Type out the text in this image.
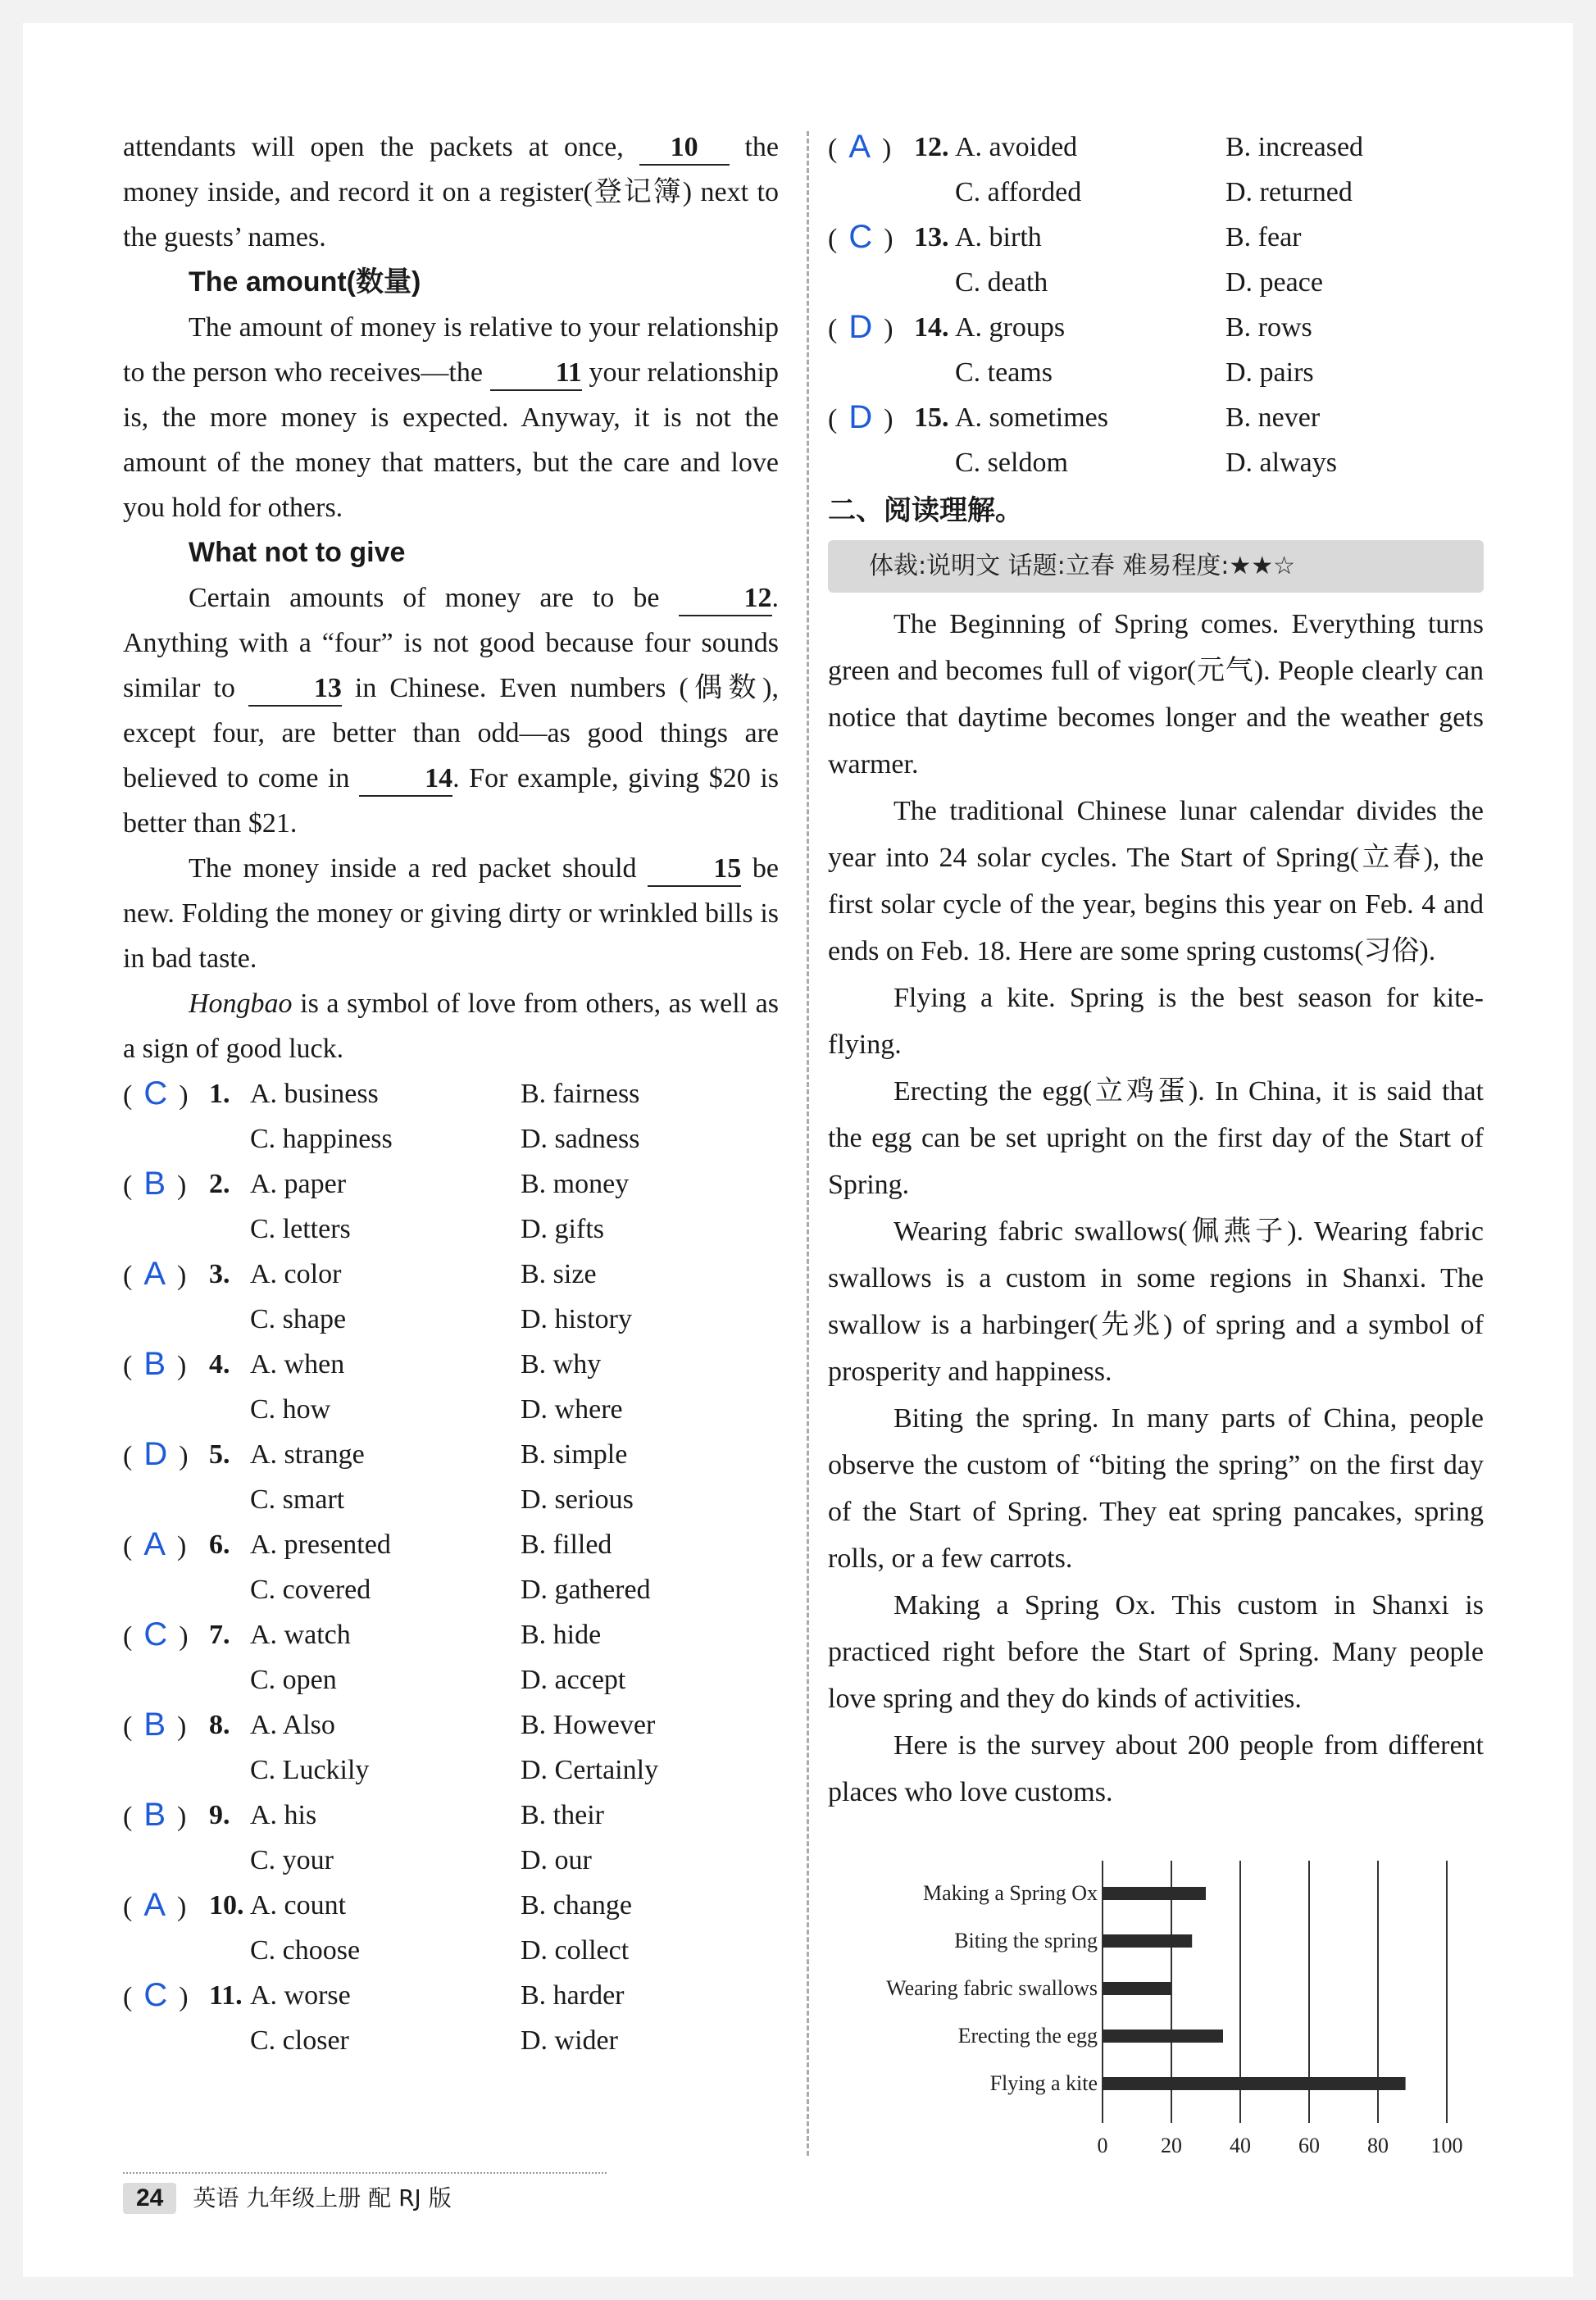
attendants will open the packets at once, 10 the money inside, and record it on a register(登记簿) next to the guests’ names.

The amount(数量)

The amount of money is relative to your relationship to the person who receives—the 11 your relationship is, the more money is expected. Anyway, it is not the amount of the money that matters, but the care and love you hold for others.

What not to give

Certain amounts of money are to be 12. Anything with a “four” is not good because four sounds similar to 13 in Chinese. Even numbers (偶数), except four, are better than odd—as good things are believed to come in 14. For example, giving $20 is better than $21.

The money inside a red packet should 15 be new. Folding the money or giving dirty or wrinkled bills is in bad taste.

Hongbao is a symbol of love from others, as well as a sign of good luck.

( C ) 1. A. business	B. fairness
C. happiness	D. sadness
( B ) 2. A. paper	B. money
C. letters	D. gifts
( A ) 3. A. color	B. size
C. shape	D. history
( B ) 4. A. when	B. why
C. how	D. where
( D ) 5. A. strange	B. simple
C. smart	D. serious
( A ) 6. A. presented	B. filled
C. covered	D. gathered
( C ) 7. A. watch	B. hide
C. open	D. accept
( B ) 8. A. Also	B. However
C. Luckily	D. Certainly
( B ) 9. A. his	B. their
C. your	D. our
( A ) 10. A. count	B. change
C. choose	D. collect
( C ) 11. A. worse	B. harder
C. closer	D. wider
( A ) 12. A. avoided	B. increased
C. afforded	D. returned
( C ) 13. A. birth	B. fear
C. death	D. peace
( D ) 14. A. groups	B. rows
C. teams	D. pairs
( D ) 15. A. sometimes	B. never
C. seldom	D. always
二、阅读理解。
体裁:说明文 话题:立春 难易程度:★★☆

The Beginning of Spring comes. Everything turns green and becomes full of vigor(元气). People clearly can notice that daytime becomes longer and the weather gets warmer.

The traditional Chinese lunar calendar divides the year into 24 solar cycles. The Start of Spring(立春), the first solar cycle of the year, begins this year on Feb. 4 and ends on Feb. 18. Here are some spring customs(习俗).

Flying a kite. Spring is the best season for kite-flying.

Erecting the egg(立鸡蛋). In China, it is said that the egg can be set upright on the first day of the Start of Spring.

Wearing fabric swallows(佩燕子). Wearing fabric swallows is a custom in some regions in Shanxi. The swallow is a harbinger(先兆) of spring and a symbol of prosperity and happiness.

Biting the spring. In many parts of China, people observe the custom of “biting the spring” on the first day of the Start of Spring. They eat spring pancakes, spring rolls, or a few carrots.

Making a Spring Ox. This custom in Shanxi is practiced right before the Start of Spring. Many people love spring and they do kinds of activities.

Here is the survey about 200 people from different places who love customs.

Making a Spring Ox
Biting the spring
Wearing fabric swallows
Erecting the egg
Flying a kite
0 20 40 60 80 100
24 英语 九年级上册 配 RJ 版
